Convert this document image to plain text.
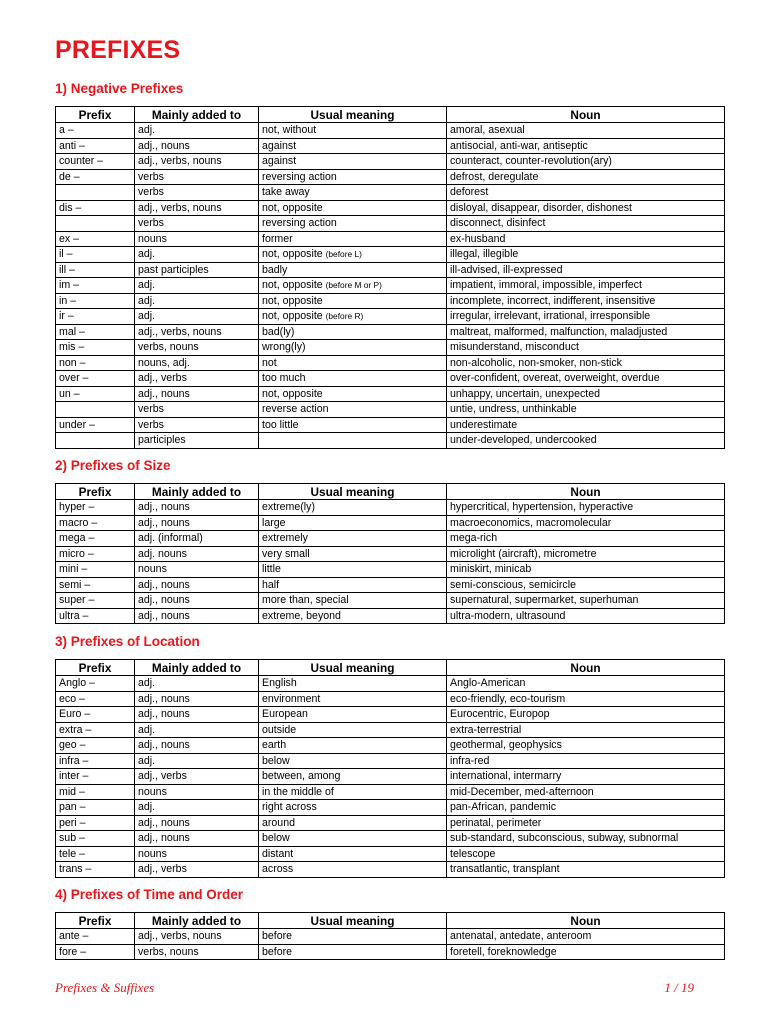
PREFIXES
1) Negative Prefixes
Prefix	Mainly added to	Usual meaning	Noun
a –	adj.	not, without	amoral, asexual
anti –	adj., nouns	against	antisocial, anti-war, antiseptic
counter –	adj., verbs, nouns	against	counteract, counter-revolution(ary)
de –	verbs	reversing action	defrost, deregulate
	verbs	take away	deforest
dis –	adj., verbs, nouns	not, opposite	disloyal, disappear, disorder, dishonest
	verbs	reversing action	disconnect, disinfect
ex –	nouns	former	ex-husband
il –	adj.	not, opposite (before L)	illegal, illegible
ill –	past participles	badly	ill-advised, ill-expressed
im –	adj.	not, opposite (before M or P)	impatient, immoral, impossible, imperfect
in –	adj.	not, opposite	incomplete, incorrect, indifferent, insensitive
ir –	adj.	not, opposite (before R)	irregular, irrelevant, irrational, irresponsible
mal –	adj., verbs, nouns	bad(ly)	maltreat, malformed, malfunction, maladjusted
mis –	verbs, nouns	wrong(ly)	misunderstand, misconduct
non –	nouns, adj.	not	non-alcoholic, non-smoker, non-stick
over –	adj., verbs	too much	over-confident, overeat, overweight, overdue
un –	adj., nouns	not, opposite	unhappy, uncertain, unexpected
	verbs	reverse action	untie, undress, unthinkable
under –	verbs	too little	underestimate
	participles		under-developed, undercooked
2) Prefixes of Size
Prefix	Mainly added to	Usual meaning	Noun
hyper –	adj., nouns	extreme(ly)	hypercritical, hypertension, hyperactive
macro –	adj., nouns	large	macroeconomics, macromolecular
mega –	adj. (informal)	extremely	mega-rich
micro –	adj. nouns	very small	microlight (aircraft), micrometre
mini –	nouns	little	miniskirt, minicab
semi –	adj., nouns	half	semi-conscious, semicircle
super –	adj., nouns	more than, special	supernatural, supermarket, superhuman
ultra –	adj., nouns	extreme, beyond	ultra-modern, ultrasound
3) Prefixes of Location
Prefix	Mainly added to	Usual meaning	Noun
Anglo –	adj.	English	Anglo-American
eco –	adj., nouns	environment	eco-friendly, eco-tourism
Euro –	adj., nouns	European	Eurocentric, Europop
extra –	adj.	outside	extra-terrestrial
geo –	adj., nouns	earth	geothermal, geophysics
infra –	adj.	below	infra-red
inter –	adj., verbs	between, among	international, intermarry
mid –	nouns	in the middle of	mid-December, med-afternoon
pan –	adj.	right across	pan-African, pandemic
peri –	adj., nouns	around	perinatal, perimeter
sub –	adj., nouns	below	sub-standard, subconscious, subway, subnormal
tele –	nouns	distant	telescope
trans –	adj., verbs	across	transatlantic, transplant
4) Prefixes of Time and Order
Prefix	Mainly added to	Usual meaning	Noun
ante –	adj., verbs, nouns	before	antenatal, antedate, anteroom
fore –	verbs, nouns	before	foretell, foreknowledge
Prefixes & Suffixes	1 / 19
